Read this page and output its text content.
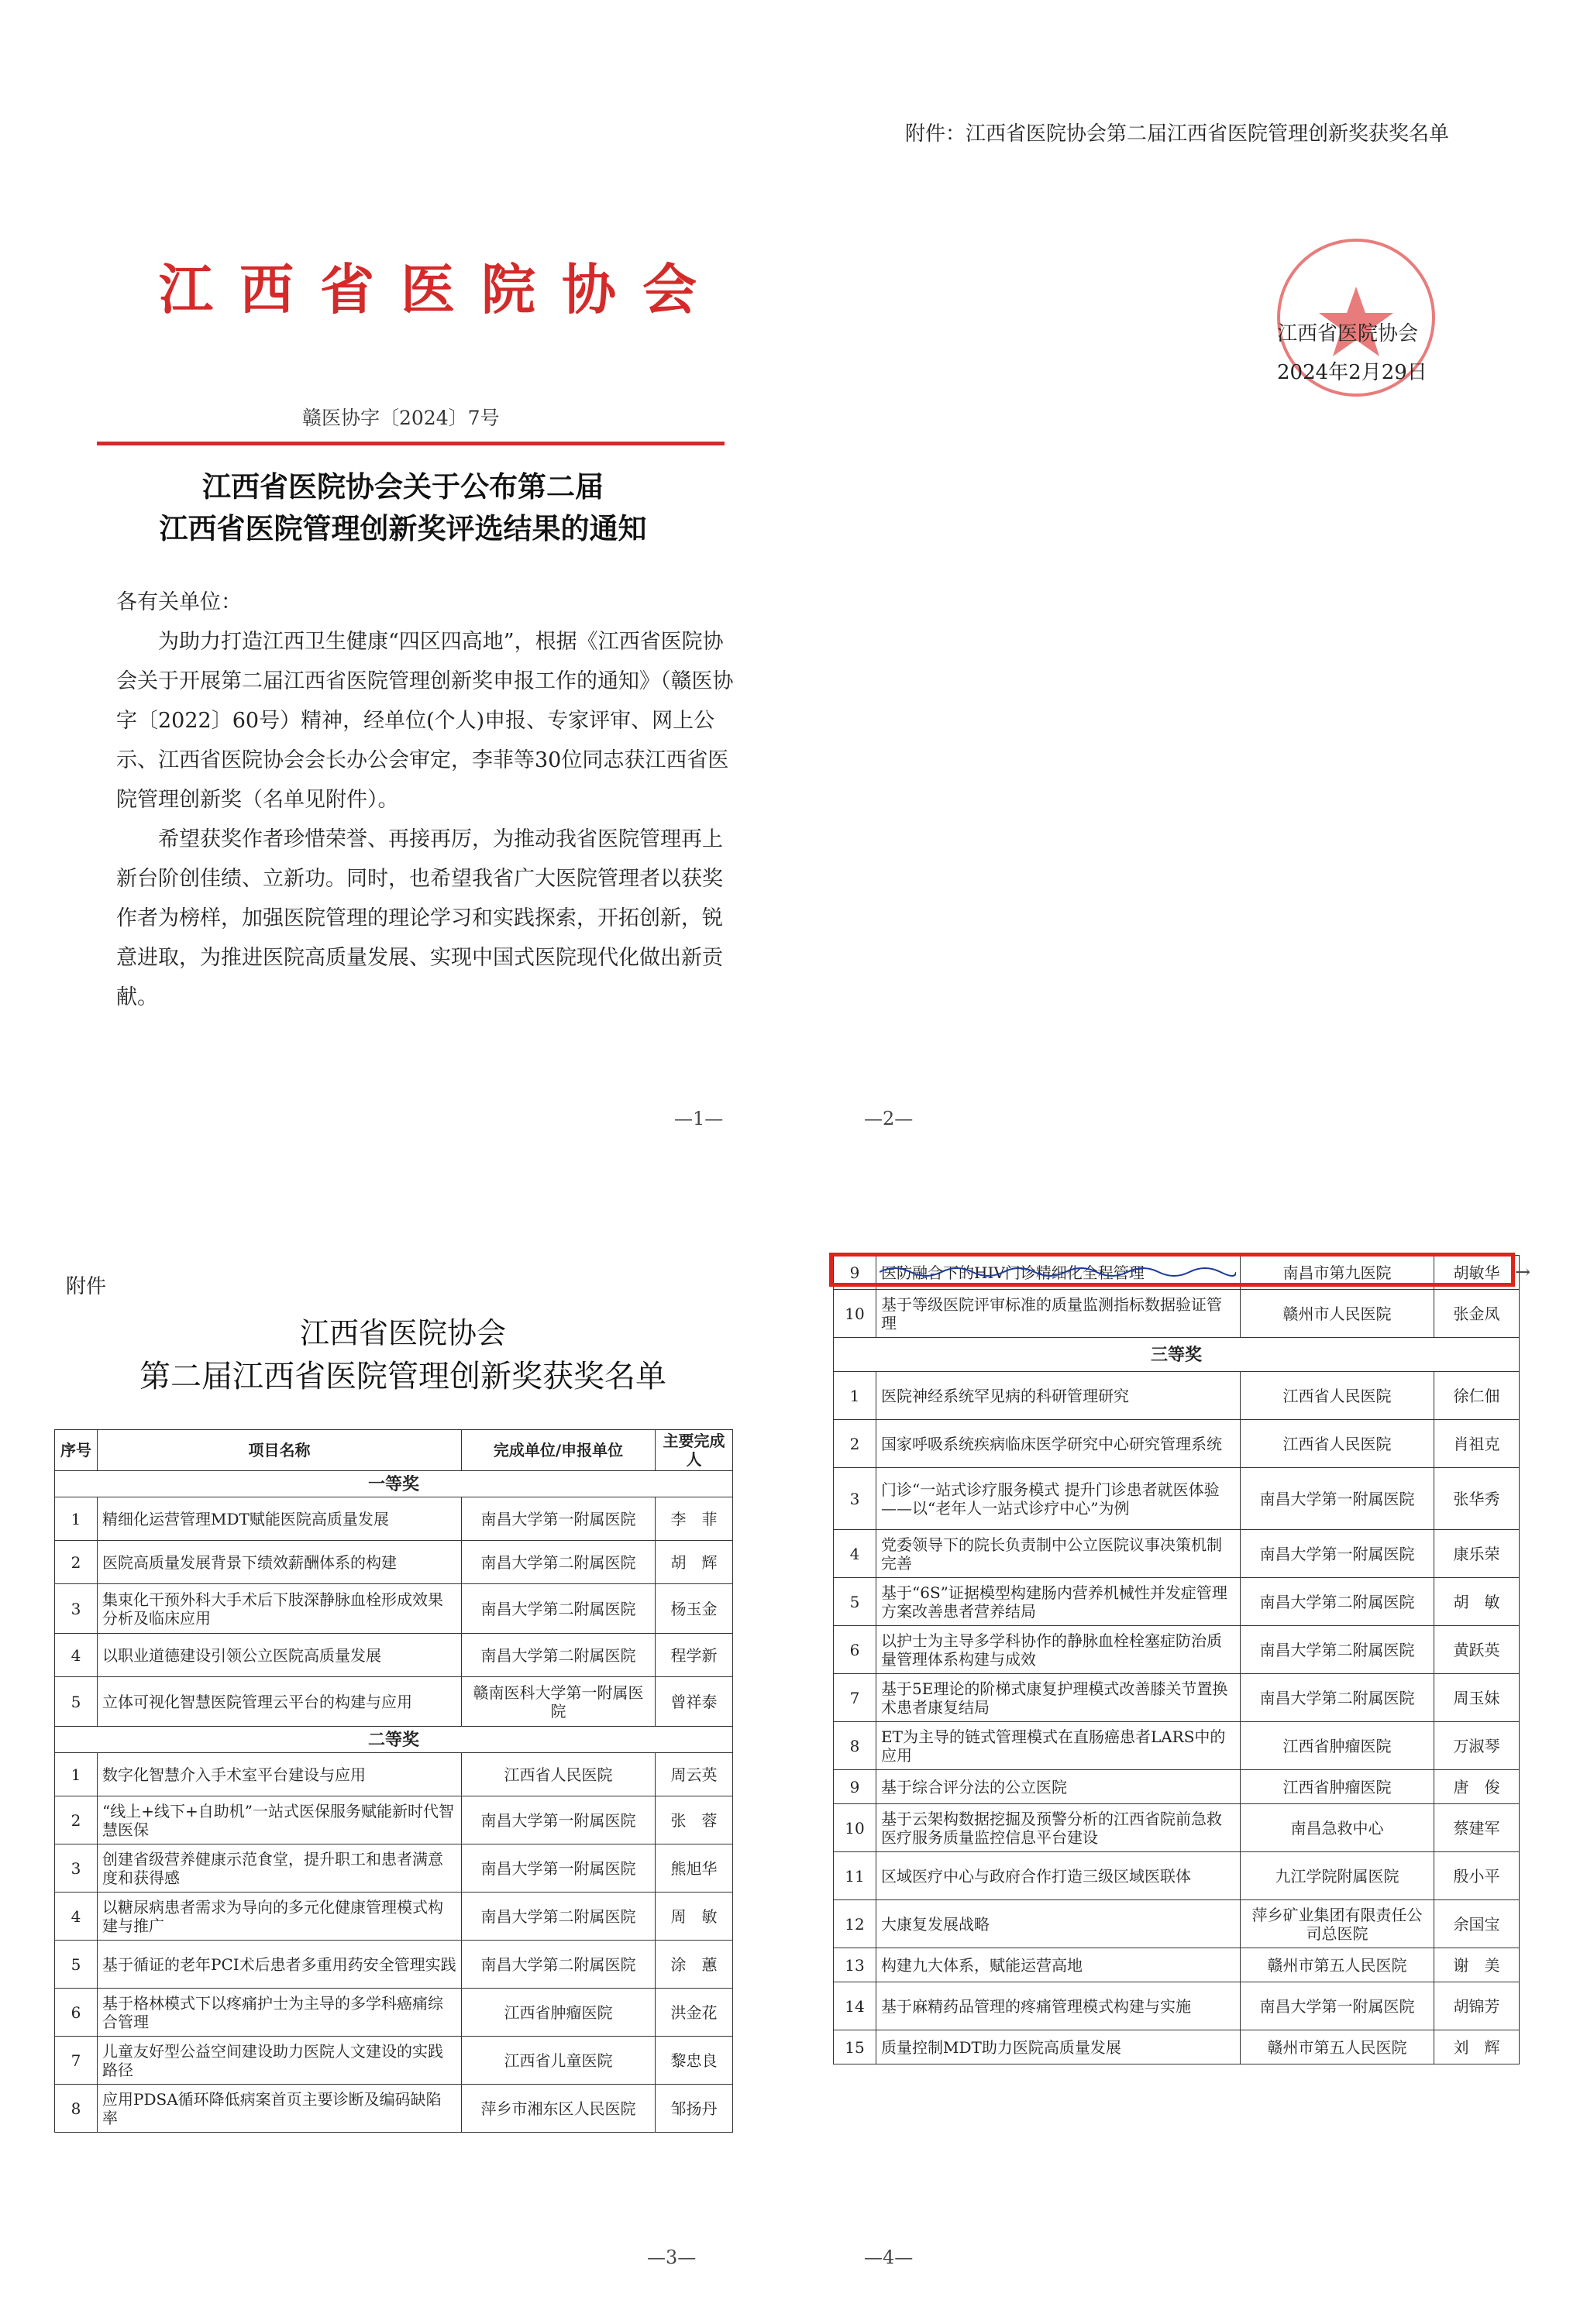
江西省医院协会
赣医协字〔2024〕7号
江西省医院协会关于公布第二届
江西省医院管理创新奖评选结果的通知
各有关单位：
为助力打造江西卫生健康“四区四高地”，根据《江西省医院协会关于开展第二届江西省医院管理创新奖申报工作的通知》（赣医协字〔2022〕60号）精神，经单位(个人)申报、专家评审、网上公示、江西省医院协会会长办公会审定，李菲等30位同志获江西省医院管理创新奖（名单见附件）。
希望获奖作者珍惜荣誉、再接再厉，为推动我省医院管理再上新台阶创佳绩、立新功。同时，也希望我省广大医院管理者以获奖作者为榜样，加强医院管理的理论学习和实践探索，开拓创新，锐意进取，为推进医院高质量发展、实现中国式医院现代化做出新贡献。
—1—
附件：江西省医院协会第二届江西省医院管理创新奖获奖名单
江西省医院协会
2024年2月29日
—2—
附件
江西省医院协会
第二届江西省医院管理创新奖获奖名单
序号	项目名称	完成单位/申报单位	主要完成人
一等奖			
1	精细化运营管理MDT赋能医院高质量发展	南昌大学第一附属医院	李　菲
2	医院高质量发展背景下绩效薪酬体系的构建	南昌大学第二附属医院	胡　辉
3	集束化干预外科大手术后下肢深静脉血栓形成效果分析及临床应用	南昌大学第二附属医院	杨玉金
4	以职业道德建设引领公立医院高质量发展	南昌大学第二附属医院	程学新
5	立体可视化智慧医院管理云平台的构建与应用	赣南医科大学第一附属医院	曾祥泰
二等奖			
1	数字化智慧介入手术室平台建设与应用	江西省人民医院	周云英
2	“线上+线下+自助机”一站式医保服务赋能新时代智慧医保	南昌大学第一附属医院	张　蓉
3	创建省级营养健康示范食堂，提升职工和患者满意度和获得感	南昌大学第一附属医院	熊旭华
4	以糖尿病患者需求为导向的多元化健康管理模式构建与推广	南昌大学第二附属医院	周　敏
5	基于循证的老年PCI术后患者多重用药安全管理实践	南昌大学第二附属医院	涂　蕙
6	基于格林模式下以疼痛护士为主导的多学科癌痛综合管理	江西省肿瘤医院	洪金花
7	儿童友好型公益空间建设助力医院人文建设的实践路径	江西省儿童医院	黎忠良
8	应用PDSA循环降低病案首页主要诊断及编码缺陷率	萍乡市湘东区人民医院	邹扬丹
—3—
9	医防融合下的HIV门诊精细化全程管理	南昌市第九医院	胡敏华
10	基于等级医院评审标准的质量监测指标数据验证管理	赣州市人民医院	张金凤
三等奖			
1	医院神经系统罕见病的科研管理研究	江西省人民医院	徐仁佃
2	国家呼吸系统疾病临床医学研究中心研究管理系统	江西省人民医院	肖祖克
3	门诊“一站式诊疗服务模式 提升门诊患者就医体验——以“老年人一站式诊疗中心”为例	南昌大学第一附属医院	张华秀
4	党委领导下的院长负责制中公立医院议事决策机制完善	南昌大学第一附属医院	康乐荣
5	基于“6S”证据模型构建肠内营养机械性并发症管理方案改善患者营养结局	南昌大学第二附属医院	胡　敏
6	以护士为主导多学科协作的静脉血栓栓塞症防治质量管理体系构建与成效	南昌大学第二附属医院	黄跃英
7	基于5E理论的阶梯式康复护理模式改善膝关节置换术患者康复结局	南昌大学第二附属医院	周玉妹
8	ET为主导的链式管理模式在直肠癌患者LARS中的应用	江西省肿瘤医院	万淑琴
9	基于综合评分法的公立医院	江西省肿瘤医院	唐　俊
10	基于云架构数据挖掘及预警分析的江西省院前急救医疗服务质量监控信息平台建设	南昌急救中心	蔡建军
11	区域医疗中心与政府合作打造三级区域医联体	九江学院附属医院	殷小平
12	大康复发展战略	萍乡矿业集团有限责任公司总医院	余国宝
13	构建九大体系，赋能运营高地	赣州市第五人民医院	谢　美
14	基于麻精药品管理的疼痛管理模式构建与实施	南昌大学第一附属医院	胡锦芳
15	质量控制MDT助力医院高质量发展	赣州市第五人民医院	刘　辉
→
—4—
